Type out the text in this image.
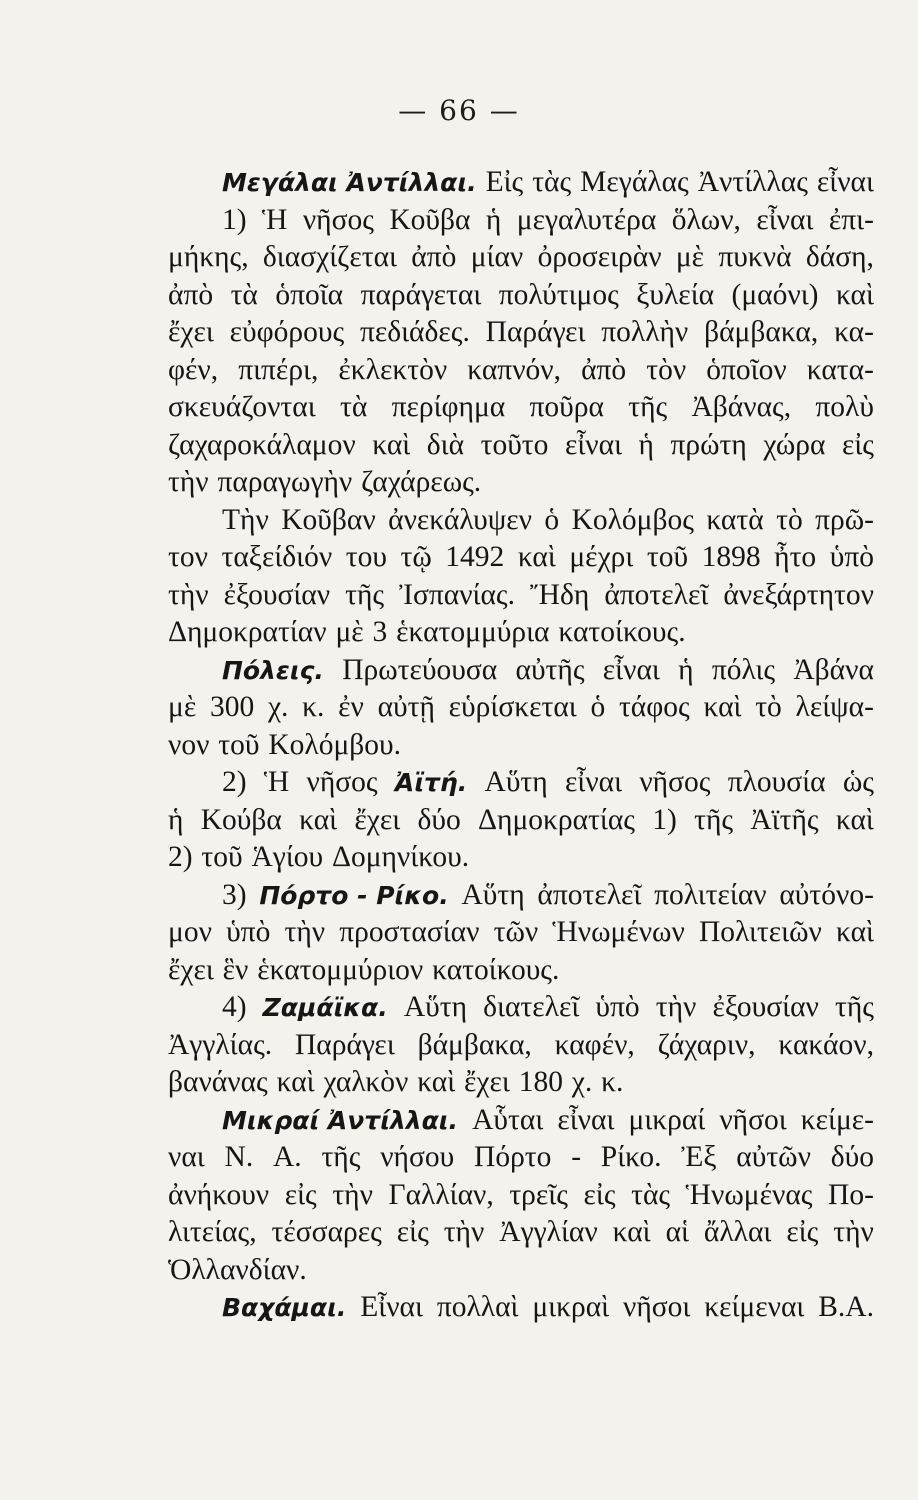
— 66 —
Μεγάλαι Ἀντίλλαι. Εἰς τὰς Μεγάλας Ἀντίλλας εἶναι
1) Ἡ νῆσος Κοῦβα ἡ μεγαλυτέρα ὅλων, εἶναι ἐπι-
μήκης, διασχίζεται ἀπὸ μίαν ὀροσειρὰν μὲ πυκνὰ δάση,
ἀπὸ τὰ ὁποῖα παράγεται πολύτιμος ξυλεία (μαόνι) καὶ
ἔχει εὐφόρους πεδιάδες. Παράγει πολλὴν βάμβακα, κα-
φέν, πιπέρι, ἐκλεκτὸν καπνόν, ἀπὸ τὸν ὁποῖον κατα-
σκευάζονται τὰ περίφημα ποῦρα τῆς Ἀβάνας, πολὺ
ζαχαροκάλαμον καὶ διὰ τοῦτο εἶναι ἡ πρώτη χώρα εἰς
τὴν παραγωγὴν ζαχάρεως.
Τὴν Κοῦβαν ἀνεκάλυψεν ὁ Κολόμβος κατὰ τὸ πρῶ-
τον ταξείδιόν του τῷ 1492 καὶ μέχρι τοῦ 1898 ἦτο ὑπὸ
τὴν ἐξουσίαν τῆς Ἰσπανίας. Ἤδη ἀποτελεῖ ἀνεξάρτητον
Δημοκρατίαν μὲ 3 ἑκατομμύρια κατοίκους.
Πόλεις. Πρωτεύουσα αὐτῆς εἶναι ἡ πόλις Ἀβάνα
μὲ 300 χ. κ. ἐν αὐτῇ εὑρίσκεται ὁ τάφος καὶ τὸ λείψα-
νον τοῦ Κολόμβου.
2) Ἡ νῆσος Ἀϊτή. Αὕτη εἶναι νῆσος πλουσία ὡς
ἡ Κούβα καὶ ἔχει δύο Δημοκρατίας 1) τῆς Ἀϊτῆς καὶ
2) τοῦ Ἁγίου Δομηνίκου.
3) Πόρτο - Ρίκο. Αὕτη ἀποτελεῖ πολιτείαν αὐτόνο-
μον ὑπὸ τὴν προστασίαν τῶν Ἡνωμένων Πολιτειῶν καὶ
ἔχει ἓν ἑκατομμύριον κατοίκους.
4) Ζαμάϊκα. Αὕτη διατελεῖ ὑπὸ τὴν ἐξουσίαν τῆς
Ἀγγλίας. Παράγει βάμβακα, καφέν, ζάχαριν, κακάον,
βανάνας καὶ χαλκὸν καὶ ἔχει 180 χ. κ.
Μικραί Ἀντίλλαι. Αὗται εἶναι μικραί νῆσοι κείμε-
ναι Ν. Α. τῆς νήσου Πόρτο - Ρίκο. Ἐξ αὐτῶν δύο
ἀνήκουν εἰς τὴν Γαλλίαν, τρεῖς εἰς τὰς Ἡνωμένας Πο-
λιτείας, τέσσαρες εἰς τὴν Ἀγγλίαν καὶ αἱ ἄλλαι εἰς τὴν
Ὁλλανδίαν.
Βαχάμαι. Εἶναι πολλαὶ μικραὶ νῆσοι κείμεναι Β.Α.
